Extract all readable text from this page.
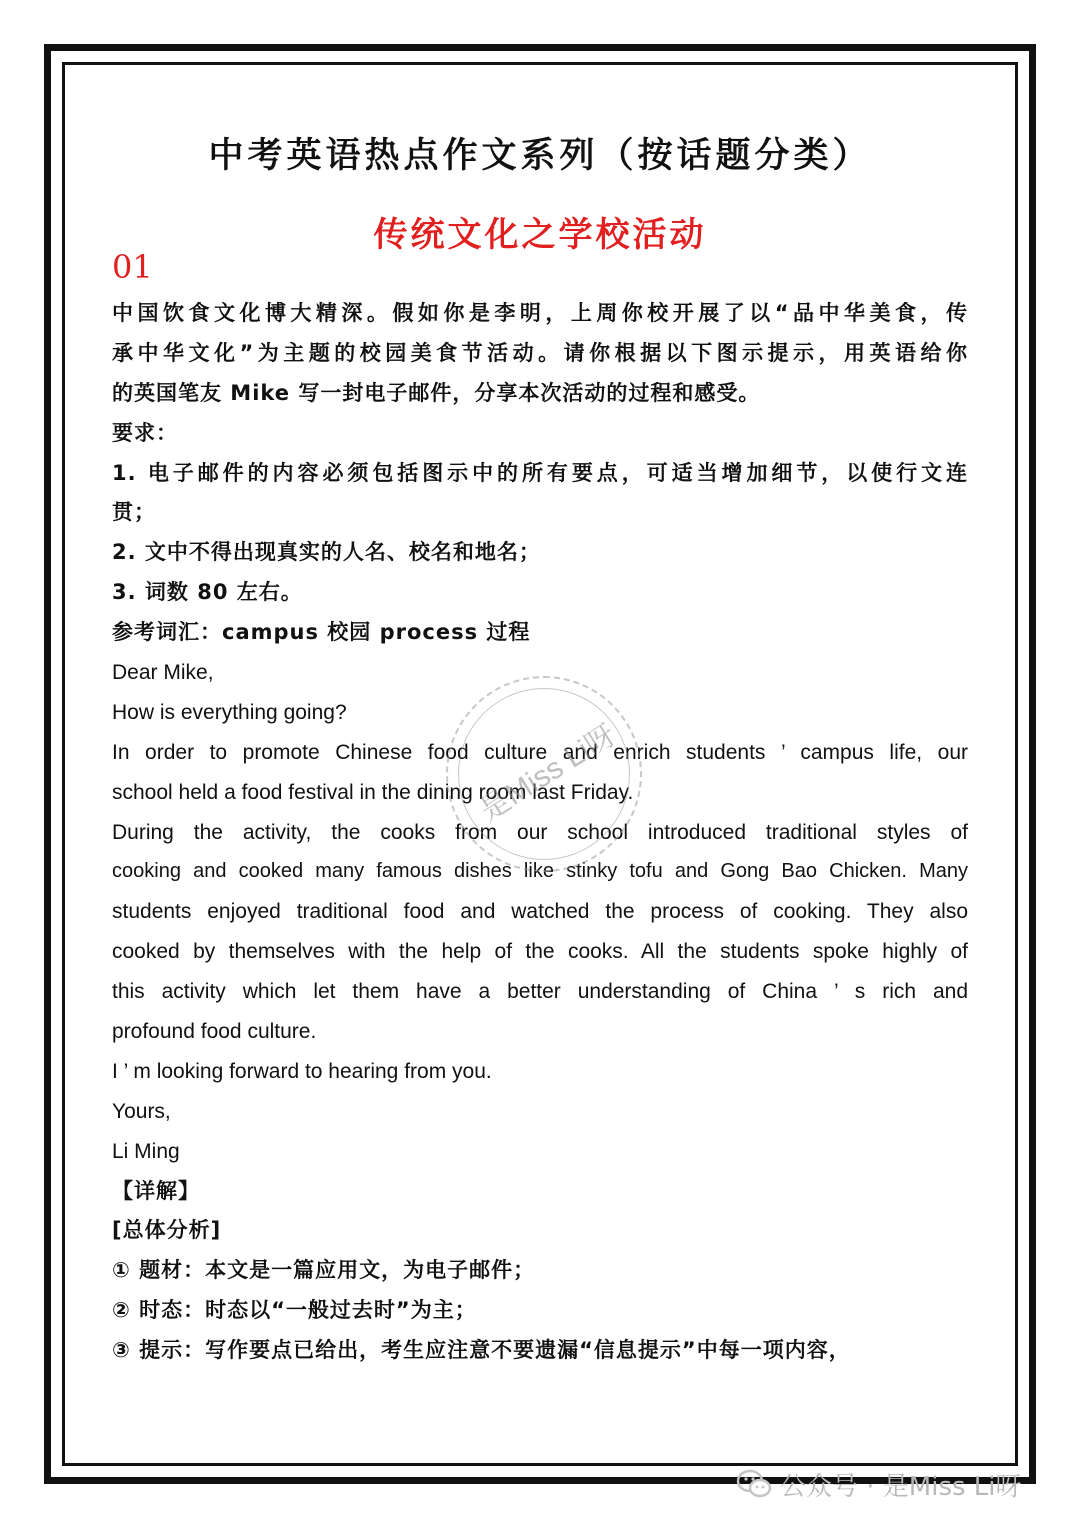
中考英语热点作文系列（按话题分类）
传统文化之学校活动
01
中国饮食文化博大精深。假如你是李明，上周你校开展了以“品中华美食，传
承中华文化”为主题的校园美食节活动。请你根据以下图示提示，用英语给你
的英国笔友 Mike 写一封电子邮件，分享本次活动的过程和感受。
要求：
1. 电子邮件的内容必须包括图示中的所有要点，可适当增加细节，以使行文连
贯；
2. 文中不得出现真实的人名、校名和地名；
3. 词数 80 左右。
参考词汇：campus 校园 process 过程
Dear Mike,
How is everything going?
In order to promote Chinese food culture and enrich students ’ campus life, our
school held a food festival in the dining room last Friday.
During the activity, the cooks from our school introduced traditional styles of
cooking and cooked many famous dishes like stinky tofu and Gong Bao Chicken. Many
students enjoyed traditional food and watched the process of cooking. They also
cooked by themselves with the help of the cooks. All the students spoke highly of
this activity which let them have a better understanding of China ’ s rich and
profound food culture.
I ’ m looking forward to hearing from you.
Yours,
Li Ming
【详解】
[总体分析]
① 题材：本文是一篇应用文，为电子邮件；
② 时态：时态以“一般过去时”为主；
③ 提示：写作要点已给出，考生应注意不要遗漏“信息提示”中每一项内容，
是Miss Li呀
公众号 · 是Miss Li呀
